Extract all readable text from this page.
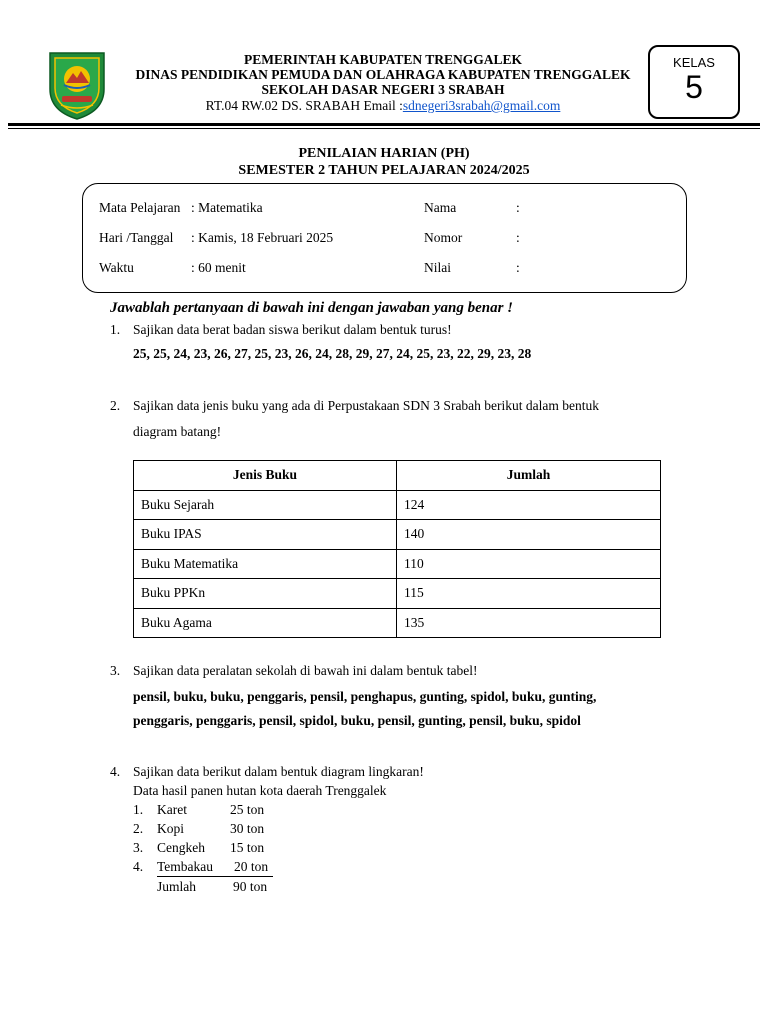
PEMERINTAH KABUPATEN TRENGGALEK
DINAS PENDIDIKAN PEMUDA DAN OLAHRAGA KABUPATEN TRENGGALEK
SEKOLAH DASAR NEGERI 3 SRABAH
RT.04 RW.02 DS. SRABAH Email :sdnegeri3srabah@gmail.com
KELAS
5
PENILAIAN HARIAN (PH)
SEMESTER 2 TAHUN PELAJARAN 2024/2025
Mata Pelajaran : Matematika	Nama	:
Hari /Tanggal : Kamis, 18 Februari 2025	Nomor	:
Waktu	: 60 menit	Nilai	:
Jawablah pertanyaan di bawah ini dengan jawaban yang benar !
1. Sajikan data berat badan siswa berikut dalam bentuk turus!
25, 25, 24, 23, 26, 27, 25, 23, 26, 24, 28, 29, 27, 24, 25, 23, 22, 29, 23, 28
2. Sajikan data jenis buku yang ada di Perpustakaan SDN 3 Srabah berikut dalam bentuk
diagram batang!
Jenis Buku	Jumlah
Buku Sejarah	124
Buku IPAS	140
Buku Matematika	110
Buku PPKn	115
Buku Agama	135
3. Sajikan data peralatan sekolah di bawah ini dalam bentuk tabel!
pensil, buku, buku, penggaris, pensil, penghapus, gunting, spidol, buku, gunting,
penggaris, penggaris, pensil, spidol, buku, pensil, gunting, pensil, buku, spidol
4. Sajikan data berikut dalam bentuk diagram lingkaran!
Data hasil panen hutan kota daerah Trenggalek
1. Karet	25 ton
2. Kopi	30 ton
3. Cengkeh 15 ton
4. Tembakau 20 ton
Jumlah	90 ton
